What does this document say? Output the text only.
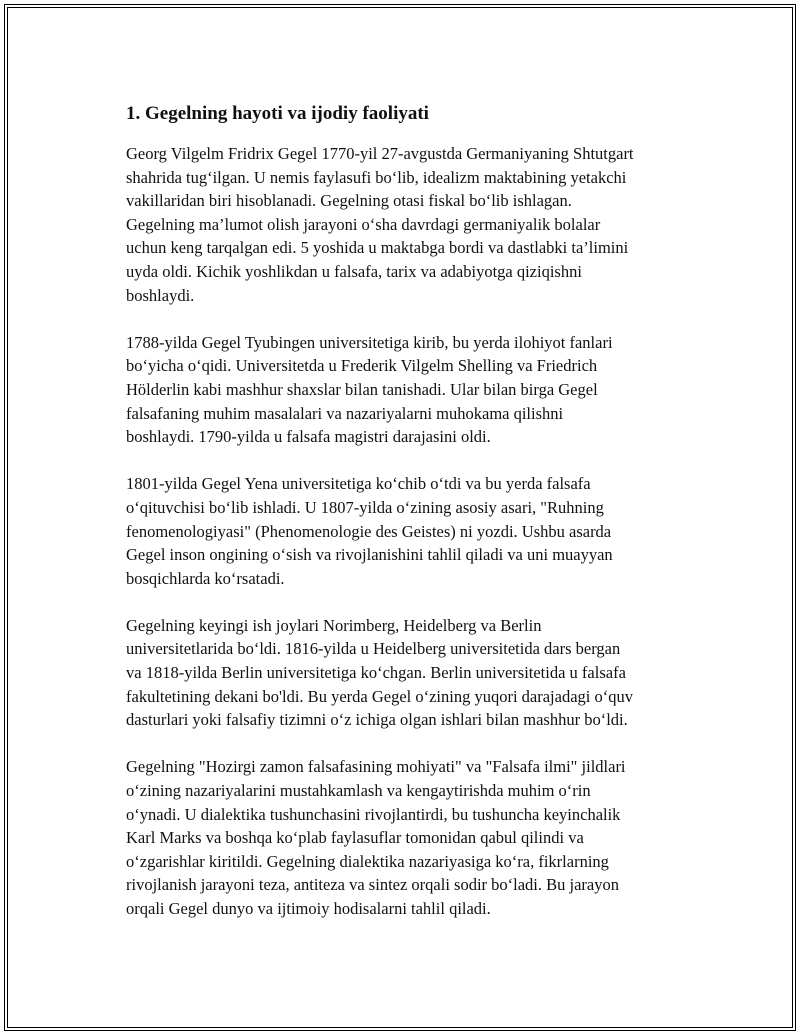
1. Gegelning hayoti va ijodiy faoliyati

Georg Vilgelm Fridrix Gegel 1770-yil 27-avgustda Germaniyaning Shtutgart
shahrida tug‘ilgan. U nemis faylasufi bo‘lib, idealizm maktabining yetakchi
vakillaridan biri hisoblanadi. Gegelning otasi fiskal bo‘lib ishlagan.
Gegelning ma’lumot olish jarayoni o‘sha davrdagi germaniyalik bolalar
uchun keng tarqalgan edi. 5 yoshida u maktabga bordi va dastlabki ta’limini
uyda oldi. Kichik yoshlikdan u falsafa, tarix va adabiyotga qiziqishni
boshlaydi.

1788-yilda Gegel Tyubingen universitetiga kirib, bu yerda ilohiyot fanlari
bo‘yicha o‘qidi. Universitetda u Frederik Vilgelm Shelling va Friedrich
Hölderlin kabi mashhur shaxslar bilan tanishadi. Ular bilan birga Gegel
falsafaning muhim masalalari va nazariyalarni muhokama qilishni
boshlaydi. 1790-yilda u falsafa magistri darajasini oldi.

1801-yilda Gegel Yena universitetiga ko‘chib o‘tdi va bu yerda falsafa
o‘qituvchisi bo‘lib ishladi. U 1807-yilda o‘zining asosiy asari, "Ruhning
fenomenologiyasi" (Phenomenologie des Geistes) ni yozdi. Ushbu asarda
Gegel inson ongining o‘sish va rivojlanishini tahlil qiladi va uni muayyan
bosqichlarda ko‘rsatadi.

Gegelning keyingi ish joylari Norimberg, Heidelberg va Berlin
universitetlarida bo‘ldi. 1816-yilda u Heidelberg universitetida dars bergan
va 1818-yilda Berlin universitetiga ko‘chgan. Berlin universitetida u falsafa
fakultetining dekani bo'ldi. Bu yerda Gegel o‘zining yuqori darajadagi o‘quv
dasturlari yoki falsafiy tizimni o‘z ichiga olgan ishlari bilan mashhur bo‘ldi.

Gegelning "Hozirgi zamon falsafasining mohiyati" va "Falsafa ilmi" jildlari
o‘zining nazariyalarini mustahkamlash va kengaytirishda muhim o‘rin
o‘ynadi. U dialektika tushunchasini rivojlantirdi, bu tushuncha keyinchalik
Karl Marks va boshqa ko‘plab faylasuflar tomonidan qabul qilindi va
o‘zgarishlar kiritildi. Gegelning dialektika nazariyasiga ko‘ra, fikrlarning
rivojlanish jarayoni teza, antiteza va sintez orqali sodir bo‘ladi. Bu jarayon
orqali Gegel dunyo va ijtimoiy hodisalarni tahlil qiladi.
